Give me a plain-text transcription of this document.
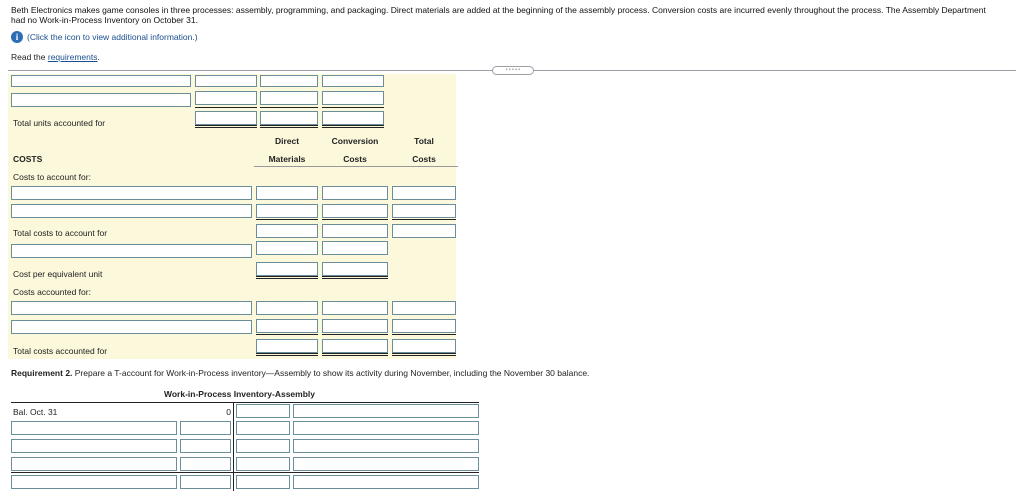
Beth Electronics makes game consoles in three processes: assembly, programming, and packaging. Direct materials are added at the beginning of the assembly process. Conversion costs are incurred evenly throughout the process. The Assembly Department had no Work-in-Process Inventory on October 31.
i	(Click the icon to view additional information.)
Read the requirements.
• • • • •
Total units accounted for
Direct
Materials
Conversion
Costs
Total
Costs
COSTS
Costs to account for:
Total costs to account for
Cost per equivalent unit
Costs accounted for:
Total costs accounted for
Requirement 2. Prepare a T-account for Work-in-Process inventory—Assembly to show its activity during November, including the November 30 balance.
Work-in-Process Inventory-Assembly
Bal. Oct. 31	0
